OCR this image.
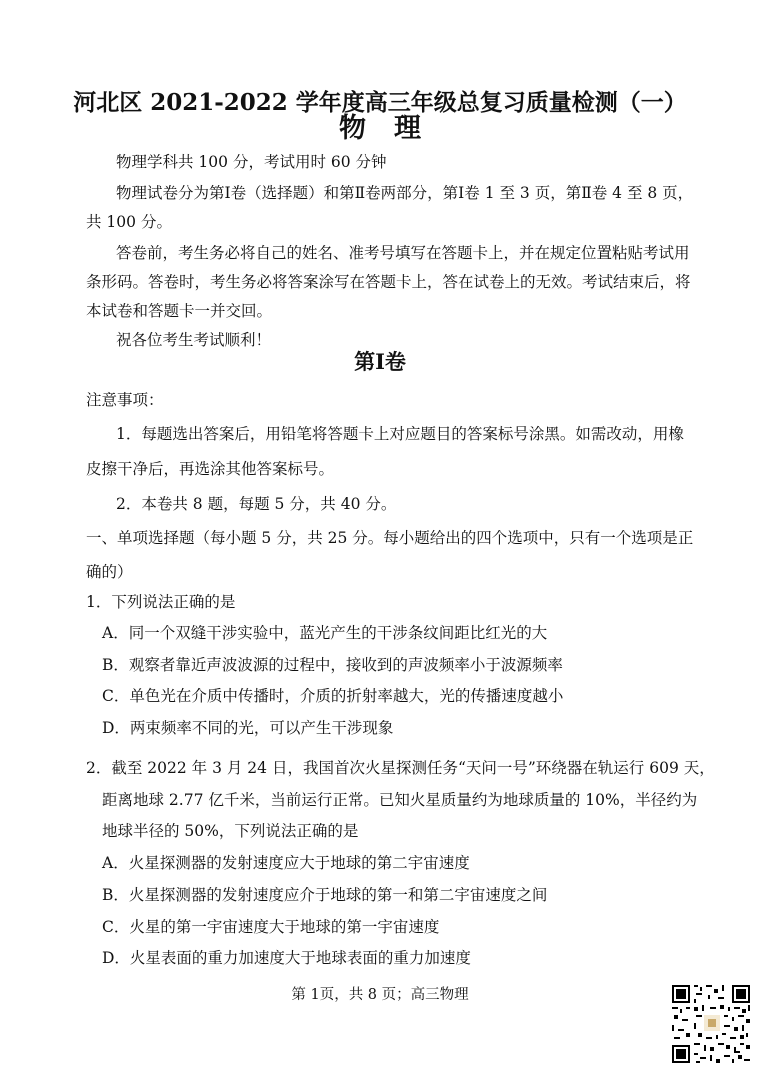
河北区 2021-2022 学年度高三年级总复习质量检测（一）
物理
物理学科共 100 分，考试用时 60 分钟
物理试卷分为第Ⅰ卷（选择题）和第Ⅱ卷两部分，第Ⅰ卷 1 至 3 页，第Ⅱ卷 4 至 8 页，
共 100 分。
答卷前，考生务必将自己的姓名、准考号填写在答题卡上，并在规定位置粘贴考试用
条形码。答卷时，考生务必将答案涂写在答题卡上，答在试卷上的无效。考试结束后，将
本试卷和答题卡一并交回。
祝各位考生考试顺利！
第Ⅰ卷
注意事项：
1．每题选出答案后，用铅笔将答题卡上对应题目的答案标号涂黑。如需改动，用橡
皮擦干净后，再选涂其他答案标号。
2．本卷共 8 题，每题 5 分，共 40 分。
一、单项选择题（每小题 5 分，共 25 分。每小题给出的四个选项中，只有一个选项是正
确的）
1．下列说法正确的是
A．同一个双缝干涉实验中，蓝光产生的干涉条纹间距比红光的大
B．观察者靠近声波波源的过程中，接收到的声波频率小于波源频率
C．单色光在介质中传播时，介质的折射率越大，光的传播速度越小
D．两束频率不同的光，可以产生干涉现象
2．截至 2022 年 3 月 24 日，我国首次火星探测任务“天问一号”环绕器在轨运行 609 天，
距离地球 2.77 亿千米，当前运行正常。已知火星质量约为地球质量的 10%，半径约为
地球半径的 50%，下列说法正确的是
A．火星探测器的发射速度应大于地球的第二宇宙速度
B．火星探测器的发射速度应介于地球的第一和第二宇宙速度之间
C．火星的第一宇宙速度大于地球的第一宇宙速度
D．火星表面的重力加速度大于地球表面的重力加速度
第 1页，共 8 页；高三物理
